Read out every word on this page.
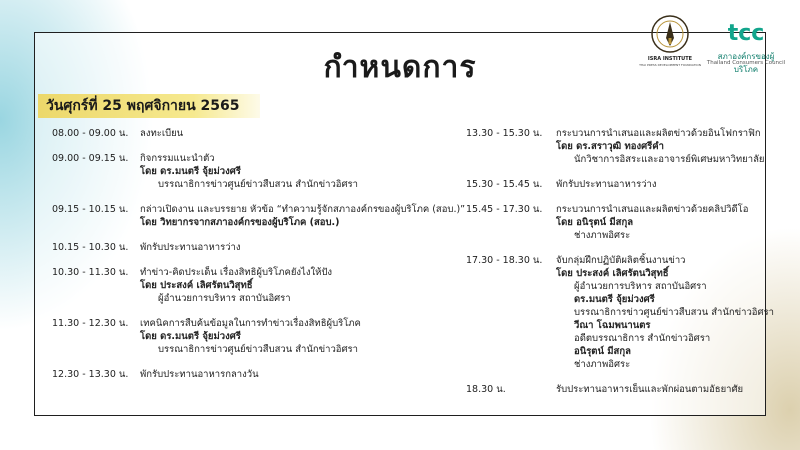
ISRA INSTITUTE
THAI PRESS DEVELOPMENT FOUNDATION
tcc
สภาองค์กรของผู้บริโภค
Thailand Consumers Council
กำหนดการ
วันศุกร์ที่ 25 พฤศจิกายน 2565
08.00 - 09.00 น. ลงทะเบียน
09.00 - 09.15 น. กิจกรรมแนะนำตัว
โดย ดร.มนตรี จุ้ยม่วงศรี
บรรณาธิการข่าวศูนย์ข่าวสืบสวน สำนักข่าวอิศรา
09.15 - 10.15 น. กล่าวเปิดงาน และบรรยาย หัวข้อ “ทำความรู้จักสภาองค์กรของผู้บริโภค (สอบ.)”
โดย วิทยากรจากสภาองค์กรของผู้บริโภค (สอบ.)
10.15 - 10.30 น. พักรับประทานอาหารว่าง
10.30 - 11.30 น. ทำข่าว-คิดประเด็น เรื่องสิทธิผู้บริโภคยังไงให้ปัง
โดย ประสงค์ เลิศรัตนวิสุทธิ์
ผู้อำนวยการบริหาร สถาบันอิศรา
11.30 - 12.30 น. เทคนิคการสืบค้นข้อมูลในการทำข่าวเรื่องสิทธิผู้บริโภค
โดย ดร.มนตรี จุ้ยม่วงศรี
บรรณาธิการข่าวศูนย์ข่าวสืบสวน สำนักข่าวอิศรา
12.30 - 13.30 น. พักรับประทานอาหารกลางวัน
13.30 - 15.30 น. กระบวนการนำเสนอและผลิตข่าวด้วยอินโฟกราฟิก
โดย ดร.สราวุฒิ ทองศรีคำ
นักวิชาการอิสระและอาจารย์พิเศษมหาวิทยาลัย
15.30 - 15.45 น. พักรับประทานอาหารว่าง
15.45 - 17.30 น. กระบวนการนำเสนอและผลิตข่าวด้วยคลิปวิดีโอ
โดย อนิรุตน์ มีสกุล
ช่างภาพอิศระ
17.30 - 18.30 น. จับกลุ่มฝึกปฏิบัติผลิตชิ้นงานข่าว
โดย ประสงค์ เลิศรัตนวิสุทธิ์
ผู้อำนวยการบริหาร สถาบันอิศรา
ดร.มนตรี จุ้ยม่วงศรี
บรรณาธิการข่าวศูนย์ข่าวสืบสวน สำนักข่าวอิศรา
วีณา โฉมพนานตร
อดีตบรรณาธิการ สำนักข่าวอิศรา
อนิรุตน์ มีสกุล
ช่างภาพอิศระ
18.30 น.	รับประทานอาหารเย็นและพักผ่อนตามอัธยาศัย
